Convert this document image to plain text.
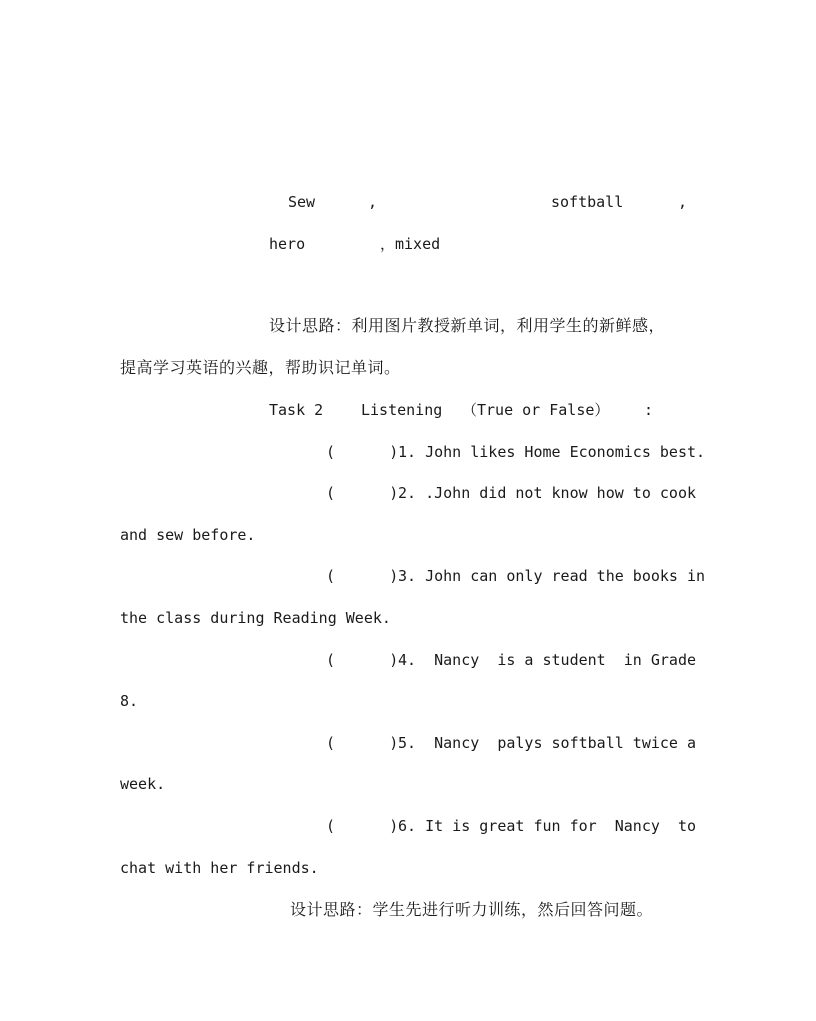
Sew	,	softball	,
hero	，mixed
设计思路：利用图片教授新单词，利用学生的新鲜感，
提高学习英语的兴趣，帮助识记单词。
Task 2	Listening （True or False） :
(      ) 1. John likes Home Economics best.
(      ) 2. .John did not know how to cook
and sew before.
(      ) 3. John can only read the books in
the class during Reading Week.
(      ) 4.  Nancy  is a student  in Grade
8.
(      ) 5.  Nancy  palys softball twice a
week.
(      ) 6. It is great fun for  Nancy  to
chat with her friends.
设计思路：学生先进行听力训练，然后回答问题。
